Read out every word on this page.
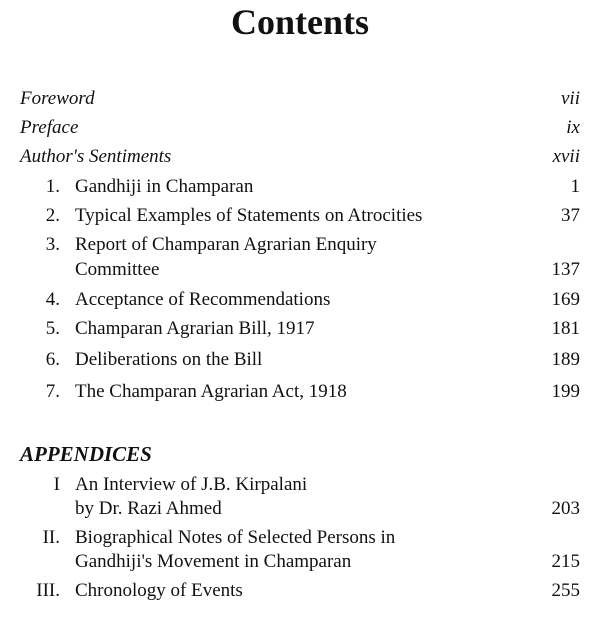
Contents
Foreword	vii
Preface	ix
Author's Sentiments	xvii
1. Gandhiji in Champaran	1
2. Typical Examples of Statements on Atrocities	37
3. Report of Champaran Agrarian Enquiry
Committee	137
4. Acceptance of Recommendations	169
5. Champaran Agrarian Bill, 1917	181
6. Deliberations on the Bill	189
7. The Champaran Agrarian Act, 1918	199
APPENDICES
I An Interview of J.B. Kirpalani
by Dr. Razi Ahmed	203
II. Biographical Notes of Selected Persons in
Gandhiji's Movement in Champaran	215
III. Chronology of Events	255
